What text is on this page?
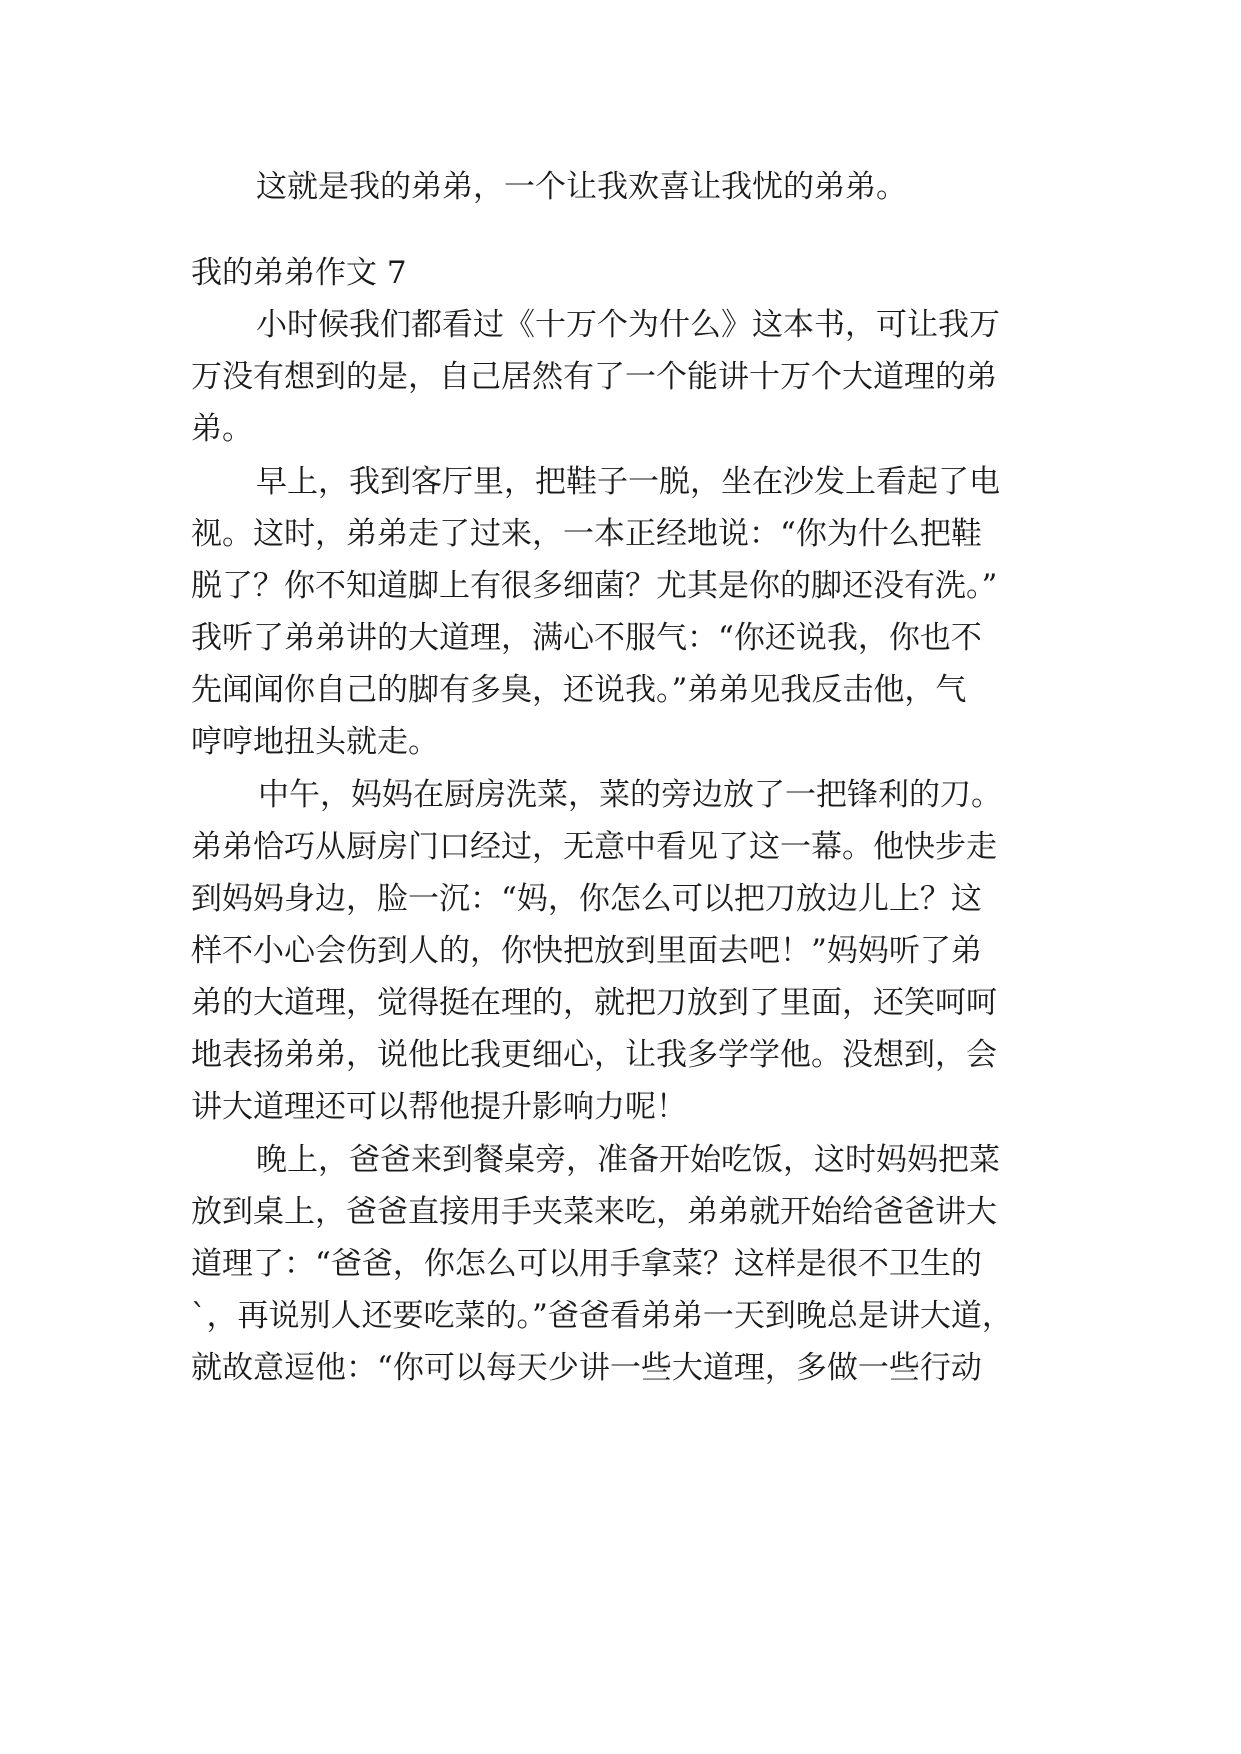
这就是我的弟弟，一个让我欢喜让我忧的弟弟。
我的弟弟作文 7
小时候我们都看过《十万个为什么》这本书，可让我万
万没有想到的是，自己居然有了一个能讲十万个大道理的弟
弟。
早上，我到客厅里，把鞋子一脱，坐在沙发上看起了电
视。这时，弟弟走了过来，一本正经地说：“你为什么把鞋
脱了？你不知道脚上有很多细菌？尤其是你的脚还没有洗。”
我听了弟弟讲的大道理，满心不服气：“你还说我，你也不
先闻闻你自己的脚有多臭，还说我。”弟弟见我反击他，气
哼哼地扭头就走。
中午，妈妈在厨房洗菜，菜的旁边放了一把锋利的刀。
弟弟恰巧从厨房门口经过，无意中看见了这一幕。他快步走
到妈妈身边，脸一沉：“妈，你怎么可以把刀放边儿上？这
样不小心会伤到人的，你快把放到里面去吧！”妈妈听了弟
弟的大道理，觉得挺在理的，就把刀放到了里面，还笑呵呵
地表扬弟弟，说他比我更细心，让我多学学他。没想到，会
讲大道理还可以帮他提升影响力呢！
晚上，爸爸来到餐桌旁，准备开始吃饭，这时妈妈把菜
放到桌上，爸爸直接用手夹菜来吃，弟弟就开始给爸爸讲大
道理了：“爸爸，你怎么可以用手拿菜？这样是很不卫生的
`，再说别人还要吃菜的。”爸爸看弟弟一天到晚总是讲大道，
就故意逗他：“你可以每天少讲一些大道理，多做一些行动
